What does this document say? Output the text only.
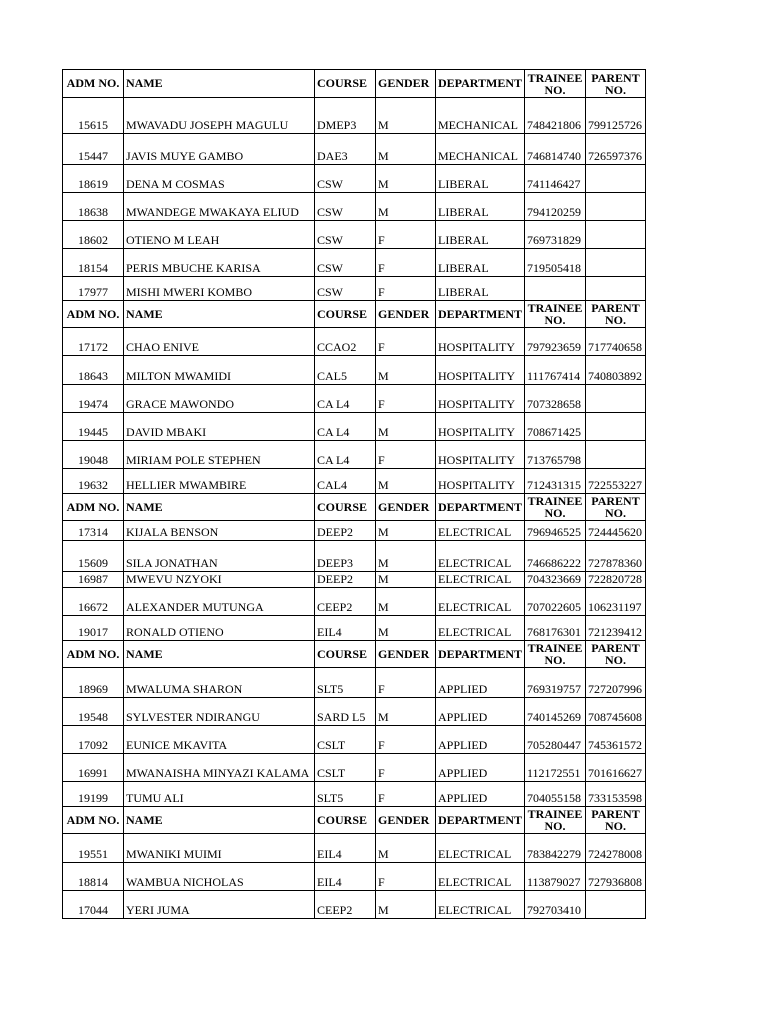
ADM NO.	NAME	COURSE	GENDER	DEPARTMENT	TRAINEE NO.	PARENT NO.
15615	MWAVADU JOSEPH MAGULU	DMEP3	M	MECHANICAL	748421806	799125726
15447	JAVIS MUYE GAMBO	DAE3	M	MECHANICAL	746814740	726597376
18619	DENA M COSMAS	CSW	M	LIBERAL	741146427	
18638	MWANDEGE MWAKAYA ELIUD	CSW	M	LIBERAL	794120259	
18602	OTIENO M LEAH	CSW	F	LIBERAL	769731829	
18154	PERIS MBUCHE KARISA	CSW	F	LIBERAL	719505418	
17977	MISHI MWERI KOMBO	CSW	F	LIBERAL		
ADM NO.	NAME	COURSE	GENDER	DEPARTMENT	TRAINEE NO.	PARENT NO.
17172	CHAO ENIVE	CCAO2	F	HOSPITALITY	797923659	717740658
18643	MILTON MWAMIDI	CAL5	M	HOSPITALITY	111767414	740803892
19474	GRACE MAWONDO	CA L4	F	HOSPITALITY	707328658	
19445	DAVID MBAKI	CA L4	M	HOSPITALITY	708671425	
19048	MIRIAM POLE STEPHEN	CA L4	F	HOSPITALITY	713765798	
19632	HELLIER MWAMBIRE	CAL4	M	HOSPITALITY	712431315	722553227
ADM NO.	NAME	COURSE	GENDER	DEPARTMENT	TRAINEE NO.	PARENT NO.
17314	KIJALA BENSON	DEEP2	M	ELECTRICAL	796946525	724445620
15609	SILA JONATHAN	DEEP3	M	ELECTRICAL	746686222	727878360
16987	MWEVU NZYOKI	DEEP2	M	ELECTRICAL	704323669	722820728
16672	ALEXANDER MUTUNGA	CEEP2	M	ELECTRICAL	707022605	106231197
19017	RONALD OTIENO	EIL4	M	ELECTRICAL	768176301	721239412
ADM NO.	NAME	COURSE	GENDER	DEPARTMENT	TRAINEE NO.	PARENT NO.
18969	MWALUMA SHARON	SLT5	F	APPLIED	769319757	727207996
19548	SYLVESTER NDIRANGU	SARD L5	M	APPLIED	740145269	708745608
17092	EUNICE MKAVITA	CSLT	F	APPLIED	705280447	745361572
16991	MWANAISHA MINYAZI KALAMA	CSLT	F	APPLIED	112172551	701616627
19199	TUMU ALI	SLT5	F	APPLIED	704055158	733153598
ADM NO.	NAME	COURSE	GENDER	DEPARTMENT	TRAINEE NO.	PARENT NO.
19551	MWANIKI MUIMI	EIL4	M	ELECTRICAL	783842279	724278008
18814	WAMBUA NICHOLAS	EIL4	F	ELECTRICAL	113879027	727936808
17044	YERI JUMA	CEEP2	M	ELECTRICAL	792703410	
